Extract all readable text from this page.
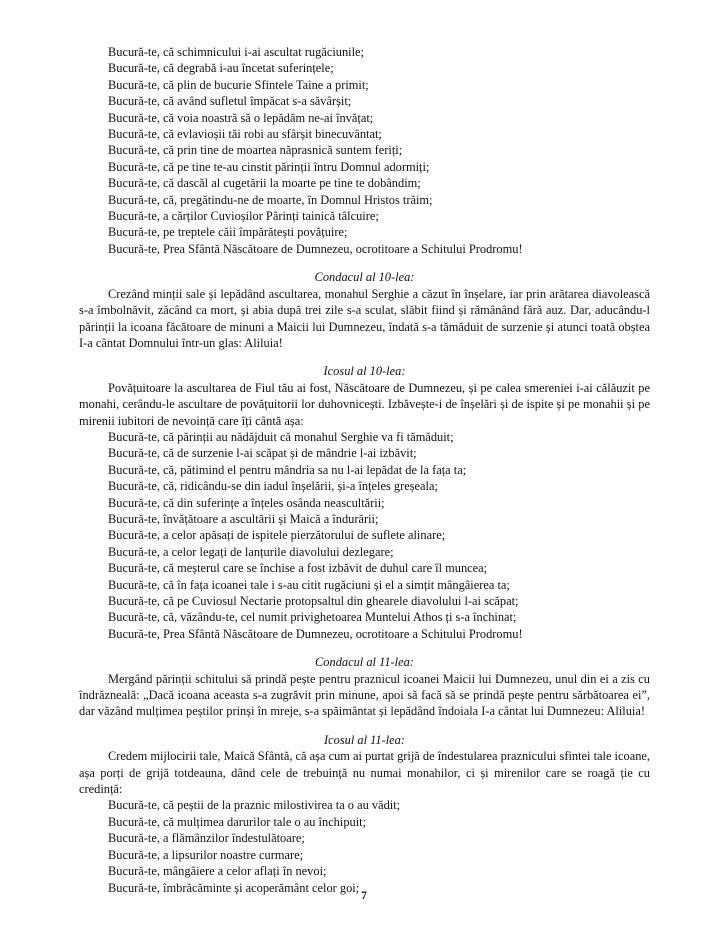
Bucură-te, că schimnicului i-ai ascultat rugăciunile;
Bucură-te, că degrabă i-au încetat suferințele;
Bucură-te, că plin de bucurie Sfintele Taine a primit;
Bucură-te, că având sufletul împăcat s-a săvârșit;
Bucură-te, că voia noastră să o lepădăm ne-ai învățat;
Bucură-te, că evlavioșii tăi robi au sfârșit binecuvântat;
Bucură-te, că prin tine de moartea năprasnică suntem feriți;
Bucură-te, că pe tine te-au cinstit părinții întru Domnul adormiți;
Bucură-te, că dascăl al cugetării la moarte pe tine te dobândim;
Bucură-te, că, pregătindu-ne de moarte, în Domnul Hristos trăim;
Bucură-te, a cărților Cuvioșilor Părinți tainică tâlcuire;
Bucură-te, pe treptele căii împărătești povățuire;
Bucură-te, Prea Sfântă Născătoare de Dumnezeu, ocrotitoare a Schitului Prodromu!
Condacul al 10-lea:
Crezând minții sale și lepădând ascultarea, monahul Serghie a căzut în înșelare, iar prin arătarea diavolească s-a îmbolnăvit, zăcând ca mort, și abia după trei zile s-a sculat, slăbit fiind și rămânând fără auz. Dar, aducându-l părinții la icoana făcătoare de minuni a Maicii lui Dumnezeu, îndată s-a tămăduit de surzenie și atunci toată obștea I-a cântat Domnului într-un glas: Aliluia!
Icosul al 10-lea:
Povățuitoare la ascultarea de Fiul tău ai fost, Născătoare de Dumnezeu, și pe calea smereniei i-ai călăuzit pe monahi, cerându-le ascultare de povățuitorii lor duhovnicești. Izbăvește-i de înșelări și de ispite și pe monahii și pe mirenii iubitori de nevoință care îți cântă așa:
Bucură-te, că părinții au nădăjduit că monahul Serghie va fi tămăduit;
Bucură-te, că de surzenie l-ai scăpat și de mândrie l-ai izbăvit;
Bucură-te, că, pătimind el pentru mândria sa nu l-ai lepădat de la fața ta;
Bucură-te, că, ridicându-se din iadul înșelării, și-a înțeles greșeala;
Bucură-te, că din suferințe a înțeles osânda neascultării;
Bucură-te, învățătoare a ascultării și Maică a îndurării;
Bucură-te, a celor apăsați de ispitele pierzătorului de suflete alinare;
Bucură-te, a celor legați de lanțurile diavolului dezlegare;
Bucură-te, că meșterul care se închise a fost izbăvit de duhul care îl muncea;
Bucură-te, că în fața icoanei tale i s-au citit rugăciuni și el a simțit mângâierea ta;
Bucură-te, că pe Cuviosul Nectarie protopsaltul din ghearele diavolului l-ai scăpat;
Bucură-te, că, văzându-te, cel numit privighetoarea Muntelui Athos ți s-a închinat;
Bucură-te, Prea Sfântă Născătoare de Dumnezeu, ocrotitoare a Schitului Prodromu!
Condacul al 11-lea:
Mergând părinții schitului să prindă pește pentru praznicul icoanei Maicii lui Dumnezeu, unul din ei a zis cu îndrăzneală: „Dacă icoana aceasta s-a zugrăvit prin minune, apoi să facă să se prindă pește pentru sărbătoarea ei”, dar văzând mulțimea peștilor prinși în mreje, s-a spăimântat și lepădând îndoiala I-a cântat lui Dumnezeu: Aliluia!
Icosul al 11-lea:
Credem mijlocirii tale, Maică Sfântă, că așa cum ai purtat grijă de îndestularea praznicului sfintei tale icoane, așa porți de grijă totdeauna, dând cele de trebuință nu numai monahilor, ci și mirenilor care se roagă ție cu credință:
Bucură-te, că peștii de la praznic milostivirea ta o au vădit;
Bucură-te, că mulțimea darurilor tale o au închipuit;
Bucură-te, a flămânzilor îndestulătoare;
Bucură-te, a lipsurilor noastre curmare;
Bucură-te, mângâiere a celor aflați în nevoi;
Bucură-te, îmbrăcăminte și acoperământ celor goi;
7
